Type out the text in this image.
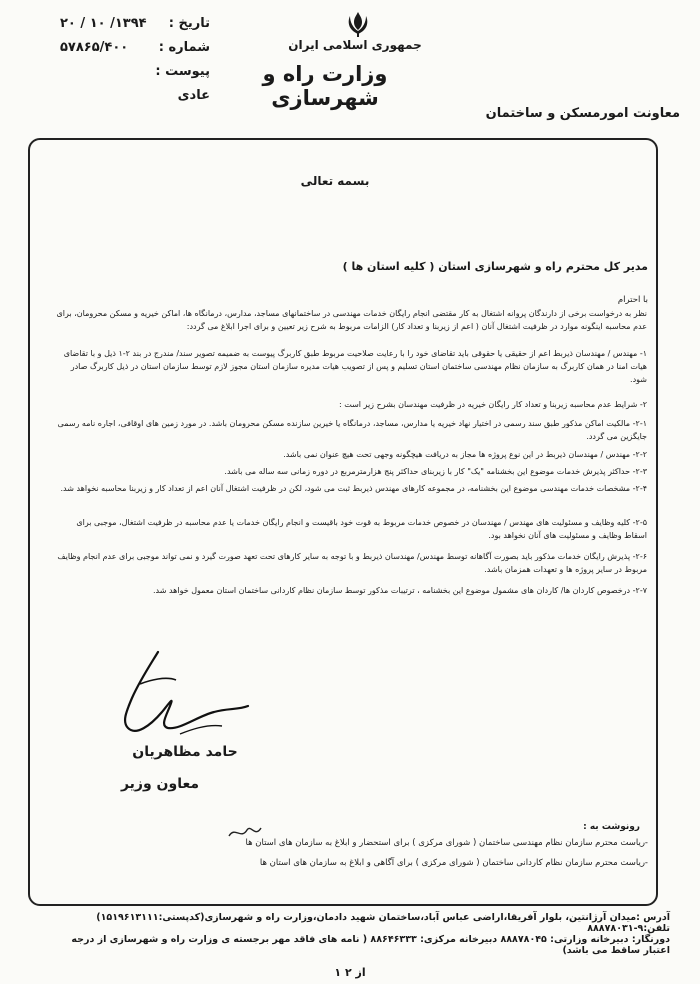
تاریخ :
۱۳۹۴/ ۱۰ / ۲۰
شماره :
۵۷۸۶۵/۴۰۰
پیوست :
عادی
جمهوری اسلامی ایران
وزارت راه و شهرسازی
معاونت امورمسکن و ساختمان
بسمه تعالی
مدیر کل محترم راه و شهرسازی استان ( کلیه استان ها )
با احترام
نظر به درخواست برخی از دارندگان پروانه اشتغال به کار مقتضی انجام رایگان خدمات مهندسی در ساختمانهای مساجد، مدارس، درمانگاه ها، اماکن خیریه و مسکن محرومان، برای عدم محاسبه اینگونه موارد در ظرفیت اشتغال آنان ( اعم از زیربنا و تعداد کار) الزامات مربوط به شرح زیر تعیین و برای اجرا ابلاغ می گردد:
۱- مهندس / مهندسان ذیربط اعم از حقیقی یا حقوقی باید تقاضای خود را با رعایت صلاحیت مربوط طبق کاربرگ پیوست به ضمیمه تصویر سند/ مندرج در بند ۲-۱ ذیل و با تقاضای هیات امنا در همان کاربرگ به سازمان نظام مهندسی ساختمان استان تسلیم و پس از تصویب هیات مدیره سازمان استان مجوز لازم توسط سازمان استان در ذیل کاربرگ صادر شود.
۲- شرایط عدم محاسبه زیربنا و تعداد کار رایگان خیریه در ظرفیت مهندسان بشرح زیر است :
۲-۱- مالکیت اماکن مذکور طبق سند رسمی در اختیار نهاد خیریه یا مدارس، مساجد، درمانگاه یا خیرین سازنده مسکن محرومان باشد. در مورد زمین های اوقافی، اجاره نامه رسمی جایگزین می گردد.
۲-۲- مهندس / مهندسان ذیربط در این نوع پروژه ها مجاز به دریافت هیچگونه وجهی تحت هیچ عنوان نمی باشد.
۲-۳- حداکثر پذیرش خدمات موضوع این بخشنامه "یک" کار با زیربنای حداکثر پنج هزارمترمربع در دوره زمانی سه ساله می باشد.
۲-۴- مشخصات خدمات مهندسی موضوع این بخشنامه، در مجموعه کارهای مهندس ذیربط ثبت می شود، لکن در ظرفیت اشتغال آنان اعم از تعداد کار و زیربنا محاسبه نخواهد شد.
۲-۵- کلیه وظایف و مسئولیت های مهندس / مهندسان در خصوص خدمات مربوط به قوت خود باقیست و انجام رایگان خدمات یا عدم محاسبه در ظرفیت اشتغال، موجبی برای اسقاط وظایف و مسئولیت های آنان نخواهد بود.
۲-۶- پذیرش رایگان خدمات مذکور باید بصورت آگاهانه توسط مهندس/ مهندسان ذیربط و با توجه به سایر کارهای تحت تعهد صورت گیرد و نمی تواند موجبی برای عدم انجام وظایف مربوط در سایر پروژه ها و تعهدات همزمان باشد.
۲-۷- درخصوص کاردان ها/ کاردان های مشمول موضوع این بخشنامه ، ترتیبات مذکور توسط سازمان نظام کاردانی ساختمان استان معمول خواهد شد.
حامد مظاهریان
معاون وزیر
رونوشت به :
-ریاست محترم سازمان نظام مهندسی ساختمان ( شورای مرکزی ) برای استحضار و ابلاغ به سازمان های استان ها
-ریاست محترم سازمان نظام کاردانی ساختمان ( شورای مرکزی ) برای آگاهی و ابلاغ به سازمان های استان ها
آدرس :میدان آرژانتین، بلوار آفریقا،اراضی عباس آباد،ساختمان شهید دادمان،وزارت راه و شهرسازی(کدپستی:۱۵۱۹۶۱۳۱۱۱) تلفن:۹-۸۸۸۷۸۰۳۱
دورنگار: دبیرخانه وزارتی: ۸۸۸۷۸۰۴۵ دبیرخانه مرکزی: ۸۸۶۴۶۳۳۳ ( نامه های فاقد مهر برجسته ی وزارت راه و شهرسازی از درجه اعتبار ساقط می باشد)
۱ از ۲
